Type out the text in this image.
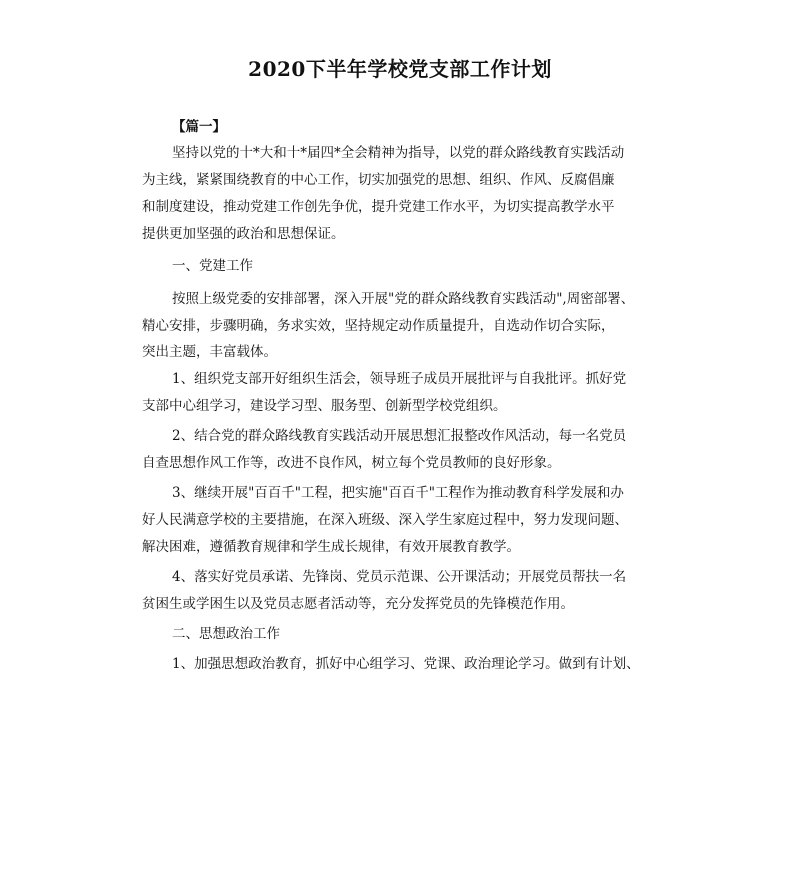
2020下半年学校党支部工作计划
【篇一】
坚持以党的十*大和十*届四*全会精神为指导，以党的群众路线教育实践活动
为主线，紧紧围绕教育的中心工作，切实加强党的思想、组织、作风、反腐倡廉
和制度建设，推动党建工作创先争优，提升党建工作水平，为切实提高教学水平
提供更加坚强的政治和思想保证。
一、党建工作
按照上级党委的安排部署，深入开展"党的群众路线教育实践活动",周密部署、
精心安排，步骤明确，务求实效，坚持规定动作质量提升，自选动作切合实际，
突出主题，丰富载体。
1、组织党支部开好组织生活会，领导班子成员开展批评与自我批评。抓好党
支部中心组学习，建设学习型、服务型、创新型学校党组织。
2、结合党的群众路线教育实践活动开展思想汇报整改作风活动，每一名党员
自查思想作风工作等，改进不良作风，树立每个党员教师的良好形象。
3、继续开展"百百千"工程，把实施"百百千"工程作为推动教育科学发展和办
好人民满意学校的主要措施，在深入班级、深入学生家庭过程中，努力发现问题、
解决困难，遵循教育规律和学生成长规律，有效开展教育教学。
4、落实好党员承诺、先锋岗、党员示范课、公开课活动；开展党员帮扶一名
贫困生或学困生以及党员志愿者活动等，充分发挥党员的先锋模范作用。
二、思想政治工作
1、加强思想政治教育，抓好中心组学习、党课、政治理论学习。做到有计划、
